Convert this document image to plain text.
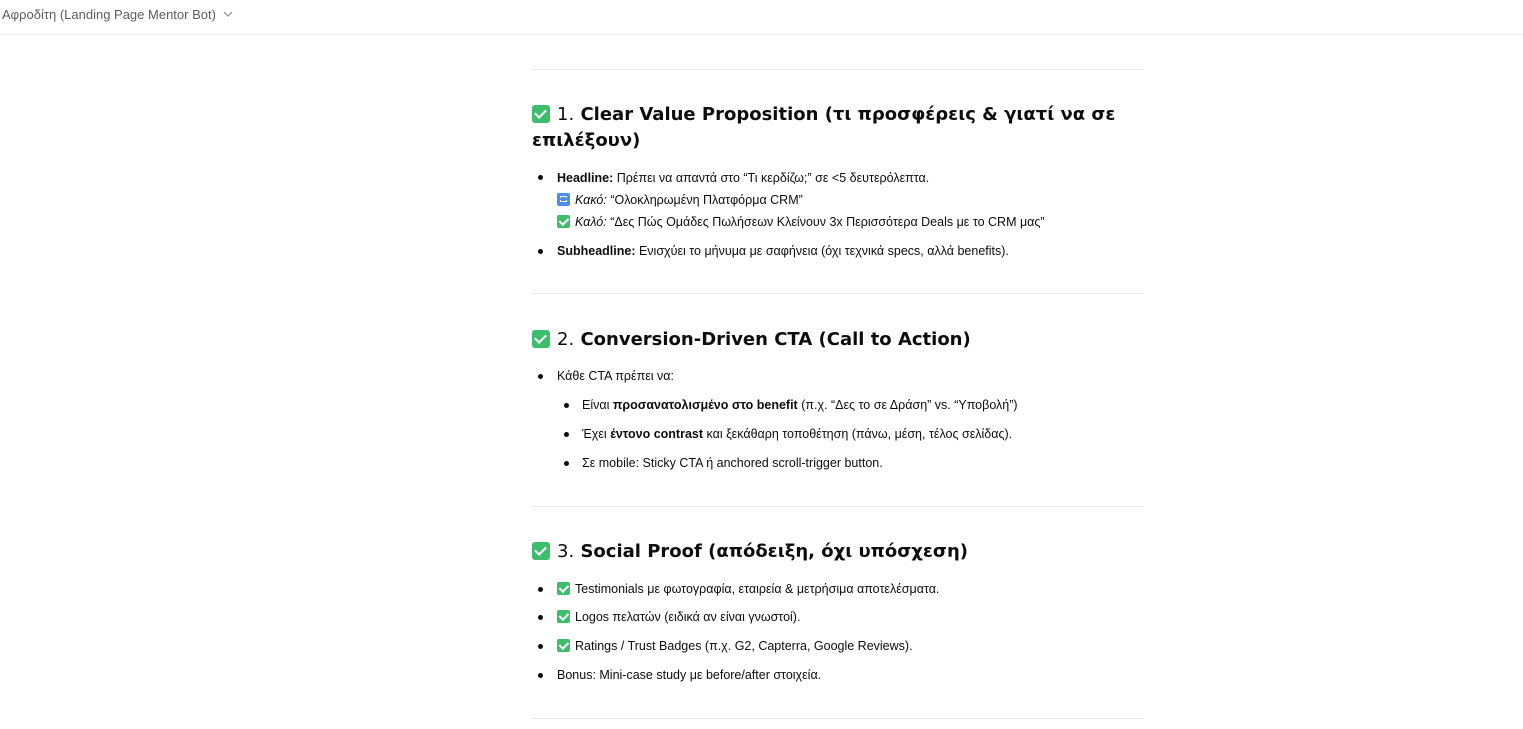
Αφροδίτη (Landing Page Mentor Bot)
1. Clear Value Proposition (τι προσφέρεις & γιατί να σε επιλέξουν)
Headline: Πρέπει να απαντά στο “Τι κερδίζω;” σε <5 δευτερόλεπτα.
Κακό: “Ολοκληρωμένη Πλατφόρμα CRM”
Καλό: “Δες Πώς Ομάδες Πωλήσεων Κλείνουν 3x Περισσότερα Deals με το CRM μας”
Subheadline: Ενισχύει το μήνυμα με σαφήνεια (όχι τεχνικά specs, αλλά benefits).
2. Conversion-Driven CTA (Call to Action)
Κάθε CTA πρέπει να:
Είναι προσανατολισμένο στο benefit (π.χ. “Δες το σε Δράση” vs. “Υποβολή”)
Έχει έντονο contrast και ξεκάθαρη τοποθέτηση (πάνω, μέση, τέλος σελίδας).
Σε mobile: Sticky CTA ή anchored scroll-trigger button.
3. Social Proof (απόδειξη, όχι υπόσχεση)
Testimonials με φωτογραφία, εταιρεία & μετρήσιμα αποτελέσματα.
Logos πελατών (ειδικά αν είναι γνωστοί).
Ratings / Trust Badges (π.χ. G2, Capterra, Google Reviews).
Bonus: Mini-case study με before/after στοιχεία.
